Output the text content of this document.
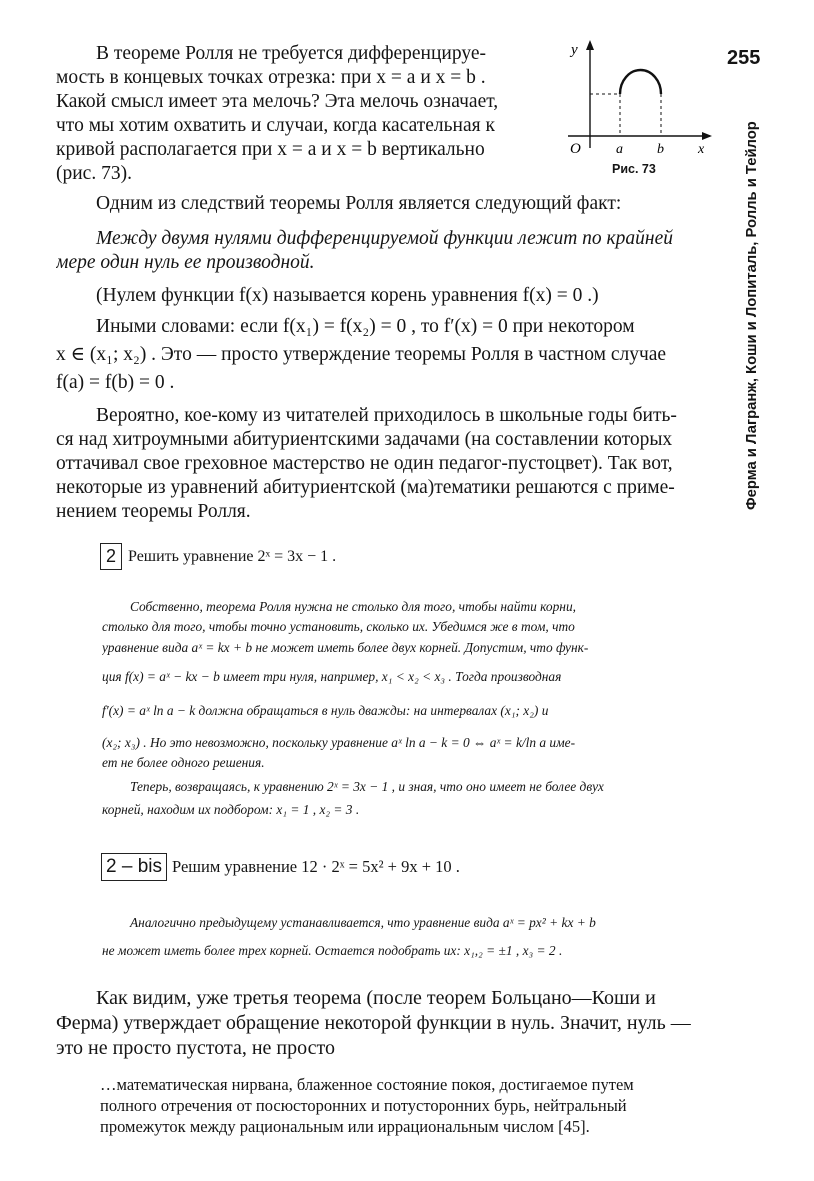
255
Ферма и Лагранж, Коши и Лопиталь, Ролль и Тейлор
y
O	a b x
Рис. 73
В теореме Ролля не требуется дифференцируе-
мость в концевых точках отрезка: при x = a и x = b .
Какой смысл имеет эта мелочь? Эта мелочь означает,
что мы хотим охватить и случаи, когда касательная к
кривой располагается при x = a и x = b вертикально
(рис. 73).
Одним из следствий теоремы Ролля является следующий факт:
Между двумя нулями дифференцируемой функции лежит по крайней
мере один нуль ее производной.
(Нулем функции f(x) называется корень уравнения f(x) = 0 .)
Иными словами: если f(x₁) = f(x₂) = 0 , то f′(x) = 0 при некотором
x ∈ (x₁; x₂) . Это — просто утверждение теоремы Ролля в частном случае
f(a) = f(b) = 0 .
Вероятно, кое-кому из читателей приходилось в школьные годы бить-
ся над хитроумными абитуриентскими задачами (на составлении которых
оттачивал свое греховное мастерство не один педагог-пустоцвет). Так вот,
некоторые из уравнений абитуриентской (ма)тематики решаются с приме-
нением теоремы Ролля.
2 Решить уравнение 2ˣ = 3x − 1 .
Собственно, теорема Ролля нужна не столько для того, чтобы найти корни,
столько для того, чтобы точно установить, сколько их. Убедимся же в том, что
уравнение вида aˣ = kx + b не может иметь более двух корней. Допустим, что функ-
ция f(x) = aˣ − kx − b имеет три нуля, например, x₁ < x₂ < x₃ . Тогда производная
f′(x) = aˣ ln a − k должна обращаться в нуль дважды: на интервалах (x₁; x₂) и
(x₂; x₃) . Но это невозможно, поскольку уравнение aˣ ln a − k = 0 ⇔ aˣ = k/ln a име-
ет не более одного решения.
Теперь, возвращаясь, к уравнению 2ˣ = 3x − 1 , и зная, что оно имеет не более двух
корней, находим их подбором: x₁ = 1 , x₂ = 3 .
2 – bis Решим уравнение 12 · 2ˣ = 5x² + 9x + 10 .
Аналогично предыдущему устанавливается, что уравнение вида aˣ = px² + kx + b
не может иметь более трех корней. Остается подобрать их: x₁,₂ = ±1 , x₃ = 2 .
Как видим, уже третья теорема (после теорем Больцано—Коши и
Ферма) утверждает обращение некоторой функции в нуль. Значит, нуль —
это не просто пустота, не просто
…математическая нирвана, блаженное состояние покоя, достигаемое путем
полного отречения от посюсторонних и потусторонних бурь, нейтральный
промежуток между рациональным или иррациональным числом [45].
